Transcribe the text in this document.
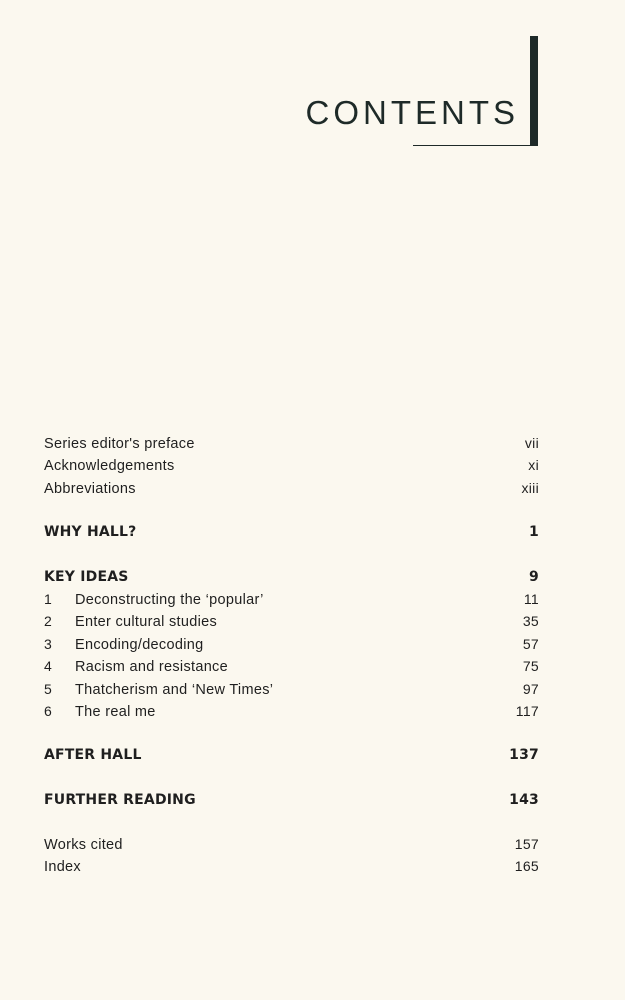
CONTENTS
Series editor's preface	vii
Acknowledgements	xi
Abbreviations	xiii
WHY HALL?	1
KEY IDEAS	9
1	Deconstructing the ‘popular’	11
2	Enter cultural studies	35
3	Encoding/decoding	57
4	Racism and resistance	75
5	Thatcherism and ‘New Times’	97
6	The real me	117
AFTER HALL	137
FURTHER READING	143
Works cited	157
Index	165
